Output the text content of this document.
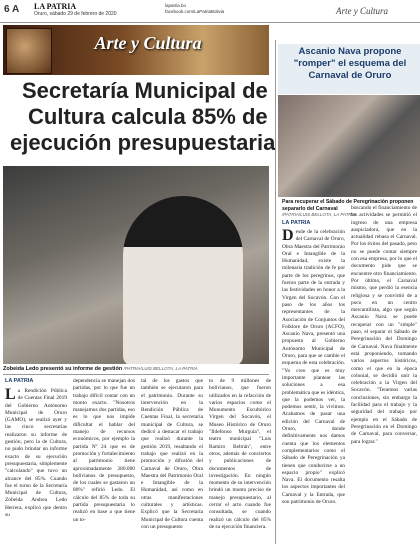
6 A LA PATRIA
Oruro, sábado 29 de febrero de 2020
lapatria.bo
facebook.com/LaPatriaBolivia	Arte y Cultura
Arte y Cultura
Secretaría Municipal de
Cultura calcula 85% de
ejecución presupuestaria
Ascanio Nava propone "romper" el esquema del Carnaval de Oruro
Para recuperar el Sábado de Peregrinación proponen separarlo del Carnaval
/PATRIA/LUIS BELLOTA, LA PATRIA
LA PATRIA
Desde de la celebración del Carnaval de Oruro, Obra Maestra del Patrimonio Oral e Intangible de la Humanidad, existe la milenaria tradición de fe por parte de los peregrinos, que fueron parte de la entrada y las festividades en honor a la Virgen del Socavón. Con el paso de los años los representantes de la Asociación de Conjuntos del Folklore de Oruro (ACFO), Ascanio Nava, presentó una propuesta al Gobierno Autónomo Municipal de Oruro, para que se cambie el esquema de esta celebración. "Yo creo que es muy importante plantear las soluciones a esa problemática que es idéntica, que la podemos ver, la podemos sentir, la vivimos. Acabamos de pasar una edición del Carnaval de Oruro, donde definitivamente nos damos cuenta que los elementos complementarios como el Sábado de Peregrinación ya tienen que conducirse a un espacio propio" explicó Nava. El documento resalta los aspectos importantes del Carnaval y la Entrada, que son patrimonio de Oruro.
buscando el financiamiento de las actividades se permitió el ingreso de una empresa auspiciadora, que en la actualidad rebasa el Carnaval. Por los éxitos del pasado, pero no se puede contar siempre con esa empresa, por lo que el documento pide que se encuentre otro financiamiento. Por último, el Carnaval mismo, que perdió la esencia religiosa y se convirtió de a poco en un centro mercantilista, algo que según Ascanio Nava se puede recuperar con un "simple" paso, el separar el Sábado de Peregrinación del Domingo de Carnaval. Nava finalmente está proponiendo, tomando varios aspectos históricos, como el que en la época colonial, se decidió unir la celebración a la Virgen del Socavón. "Tenemos varias conclusiones, sin embargo la facilidad para el trabajo y la seguridad del trabajo por ejemplo en el Sábado de Peregrinación en el Domingo de Carnaval, para conversar, para lograr."
Zobeida Ledo presentó su informe de gestión /PATRIA/LUIS BELLOTA, LA PATRIA
LA PATRIA
La Rendición Pública de Cuentas Final 2019 del Gobierno Autónomo Municipal de Oruro (GAMO), se realizó ayer y las cinco secretarías realizaron su informe de gestión, pero la de Cultura, no pudo brindar un informe exacto de su ejecución presupuestaria, simplemente "calculando" que tuvo un alcance del 85%. Cuando fue el turno de la Secretaría Municipal de Cultura, Zobeida Andrea Ledo Herrera, explicó que dentro su
dependencia se manejan dos partidas, por lo que fue un trabajo difícil contar con un monto exacto. "Nosotros manejamos dos partidas, eso es lo que nos impide dificultar el hablar del manejo de recursos económicos, por ejemplo la partida Nº 24 que es de promoción y fortalecimiento al patrimonio tiene aproximadamente 280.000 bolivianos de presupuesto, de los cuales se gastaron un 80%" refirió Ledo. El cálculo del 85% de toda su partida presupuestaria lo realizó en base a que tiene un to-
tal de los gastos que también se ejecutaron para el patrimonio. Durante su intervención en la Rendición Pública de Cuentas Final, la secretaria municipal de Cultura, se dedicó a destacar el trabajo que realizó durante la gestión 2019, resaltando el trabajo que realizó en la promoción y difusión del Carnaval de Oruro, Obra Maestra del Patrimonio Oral e Intangible de la Humanidad, así como en otras manifestaciones culturales y artísticas. Explicó que la Secretaría Municipal de Cultura cuenta con un presupuesto
to de 9 millones de bolivianos, que fueron utilizados en la refacción de varios espacios como el Monumento Escultórico Virgen del Socavón, el Museo Histórico de Oruro "Ildefonso Murguía", el teatro municipal "Luis Ramiro Beltrán", entre otros, además de conciertos y publicaciones de documentos de investigación. En ningún momento de su intervención brindó un monto preciso de manejo presupuestario, al cerrar el acto cuando fue consultada, se cuando realizó un cálculo del 85% de su ejecución financiera.
